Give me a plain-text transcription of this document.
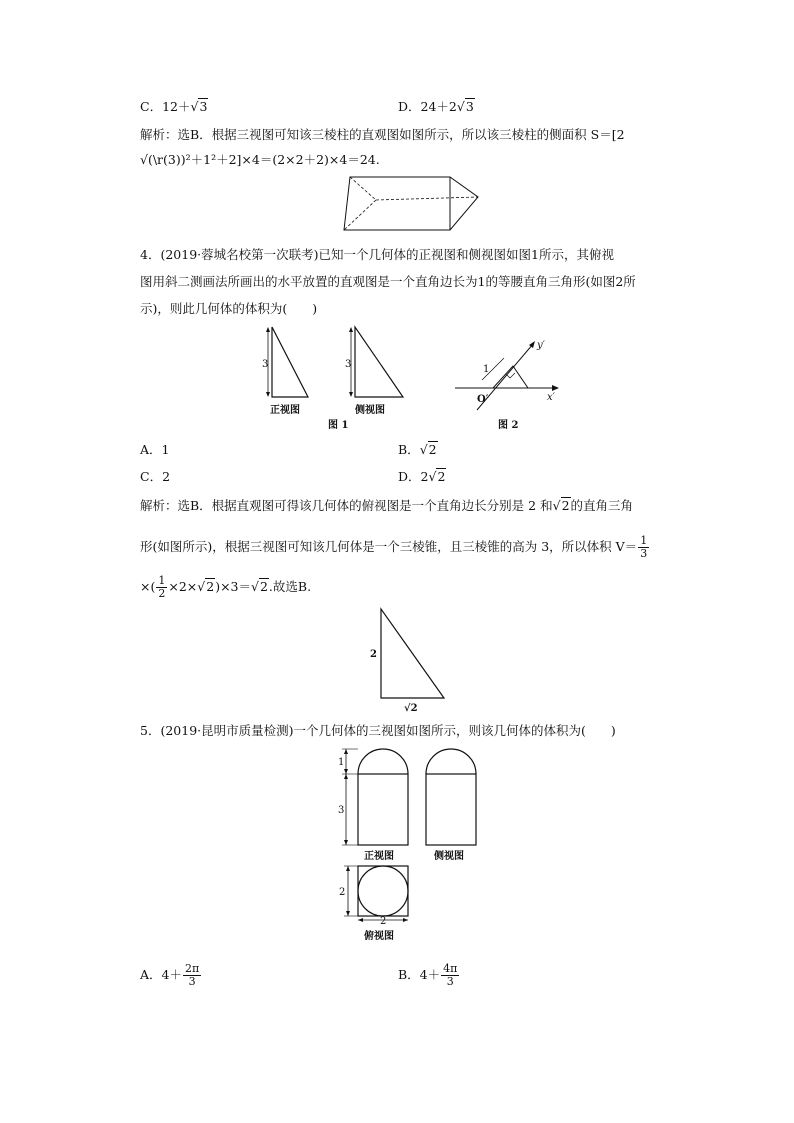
C．12＋√3	D．24＋2√3
解析：选B．根据三视图可知该三棱柱的直观图如图所示，所以该三棱柱的侧面积 S＝[2
√(\r(3))²＋1²＋2]×4＝(2×2＋2)×4＝24.
4．(2019·蓉城名校第一次联考)已知一个几何体的正视图和侧视图如图1所示，其俯视
图用斜二测画法所画出的水平放置的直观图是一个直角边长为1的等腰直角三角形(如图2所
示)，则此几何体的体积为(　　)
3
正视图
3
侧视图
图 1
1
O′	x′
y′
图 2
A．1	B．√2
C．2	D．2√2
解析：选B．根据直观图可得该几何体的俯视图是一个直角边长分别是 2 和√2的直角三角
形(如图所示)，根据三视图可知该几何体是一个三棱锥，且三棱锥的高为 3，所以体积 $V= \frac{1}{3}$
×( $\frac{1}{2} \times 2\times√2)\times 3=√2$.故选B.
2
√2
5．(2019·昆明市质量检测)一个几何体的三视图如图所示，则该几何体的体积为(　　)
1
3
正视图	侧视图
2
2
俯视图
A．$4+ \frac{2\pi}{3}$	B．$4+ \frac{4\pi}{3}$
